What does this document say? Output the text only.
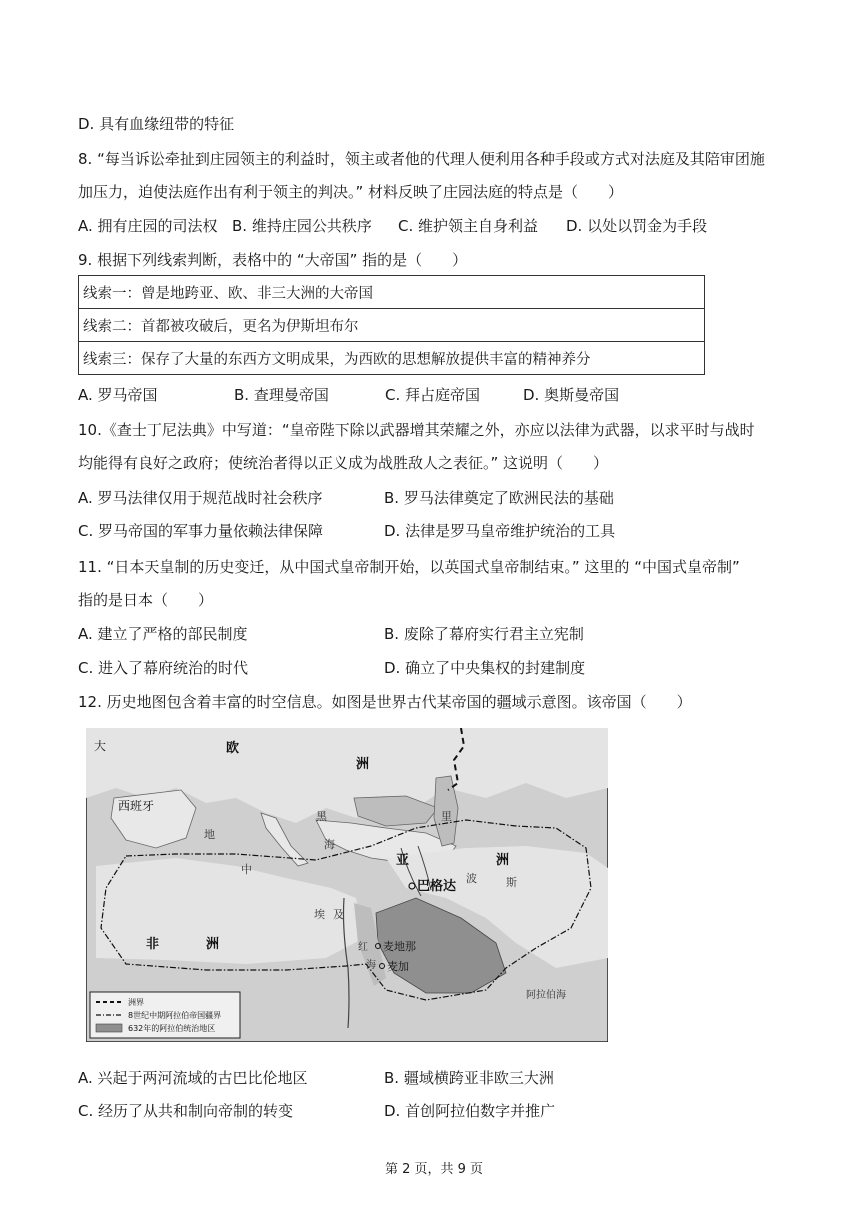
D. 具有血缘纽带的特征
8. “每当诉讼牵扯到庄园领主的利益时，领主或者他的代理人便利用各种手段或方式对法庭及其陪审团施
加压力，迫使法庭作出有利于领主的判决。” 材料反映了庄园法庭的特点是（　　）
A. 拥有庄园的司法权 B. 维持庄园公共秩序 C. 维护领主自身利益 D. 以处以罚金为手段
9. 根据下列线索判断，表格中的 “大帝国” 指的是（　　）
线索一：曾是地跨亚、欧、非三大洲的大帝国
线索二：首都被攻破后，更名为伊斯坦布尔
线索三：保存了大量的东西方文明成果，为西欧的思想解放提供丰富的精神养分
A. 罗马帝国	B. 查理曼帝国	C. 拜占庭帝国	D. 奥斯曼帝国
10.《查士丁尼法典》中写道：“皇帝陛下除以武器增其荣耀之外，亦应以法律为武器，以求平时与战时
均能得有良好之政府；使统治者得以正义成为战胜敌人之表征。” 这说明（　　）
A. 罗马法律仅用于规范战时社会秩序	B. 罗马法律奠定了欧洲民法的基础
C. 罗马帝国的军事力量依赖法律保障	D. 法律是罗马皇帝维护统治的工具
11. “日本天皇制的历史变迁，从中国式皇帝制开始，以英国式皇帝制结束。” 这里的 “中国式皇帝制”
指的是日本（　　）
A. 建立了严格的部民制度	B. 废除了幕府实行君主立宪制
C. 进入了幕府统治的时代	D. 确立了中央集权的封建制度
12. 历史地图包含着丰富的时空信息。如图是世界古代某帝国的疆域示意图。该帝国（　　）
大	欧
洲
西班牙
地
黑	里
海
中
亚	洲
巴格达
波	斯
埃 及
麦地那
麦加
非	洲
阿拉伯海
红
海
洲界
8世纪中期阿拉伯帝国疆界
632年的阿拉伯统治地区
A. 兴起于两河流域的古巴比伦地区	B. 疆域横跨亚非欧三大洲
C. 经历了从共和制向帝制的转变	D. 首创阿拉伯数字并推广
第 2 页，共 9 页
